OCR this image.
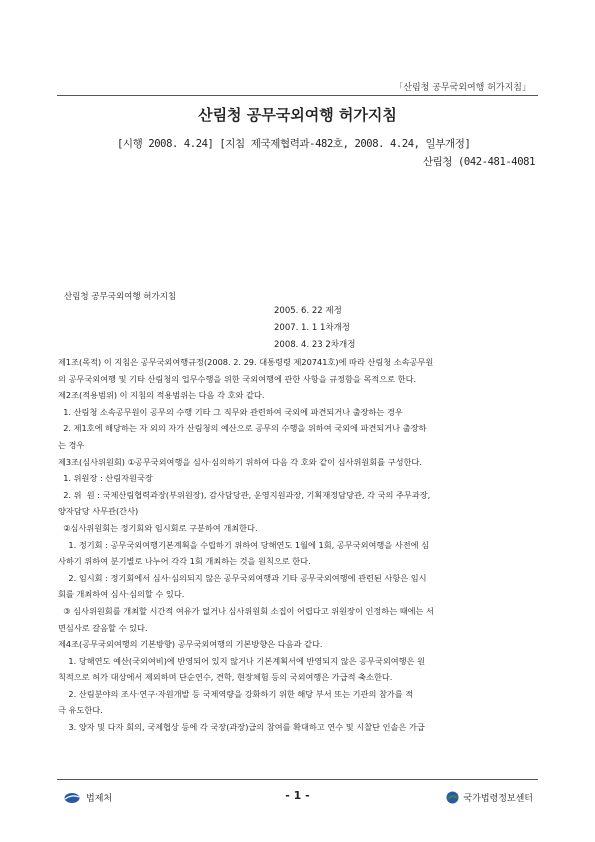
「산림청 공무국외여행 허가지침」
산림청 공무국외여행 허가지침
[시행 2008. 4.24] [지침 제국제협력과-482호, 2008. 4.24, 일부개정]
산림청 (042-481-4081
산림청 공무국외여행 허가지침
2005. 6. 22 제정
2007. 1. 1 1차개정
2008. 4. 23 2차개정

제1조(목적) 이 지침은 공무국외여행규정(2008. 2. 29. 대통령령 제20741호)에 따라 산림청 소속공무원

의 공무국외여행 및 기타 산림청의 업무수행을 위한 국외여행에 관한 사항을 규정함을 목적으로 한다.

제2조(적용범위) 이 지침의 적용범위는 다음 각 호와 같다.

1. 산림청 소속공무원이 공무의 수행 기타 그 직무와 관련하여 국외에 파견되거나 출장하는 경우

2. 제1호에 해당하는 자 외의 자가 산림청의 예산으로 공무의 수행을 위하여 국외에 파견되거나 출장하

는 경우

제3조(심사위원회) ①공무국외여행을 심사·심의하기 위하여 다음 각 호와 같이 심사위원회를 구성한다.

1. 위원장 : 산림자원국장

2. 위  원 : 국제산림협력과장(부위원장), 감사담당관, 운영지원과장, 기획재정담당관, 각 국의 주무과장,

양자담당 사무관(간사)

②심사위원회는 정기회와 임시회로 구분하여 개최한다.

1. 정기회 : 공무국외여행기본계획을 수립하기 위하여 당해연도 1월에 1회, 공무국외여행을 사전에 심

사하기 위하여 분기별로 나누어 각각 1회 개최하는 것을 원칙으로 한다.

2. 임시회 : 정기회에서 심사·심의되지 않은 공무국외여행과 기타 공무국외여행에 관련된 사항은 임시

회를 개최하여 심사·심의할 수 있다.

③ 심사위원회를 개최할 시간적 여유가 없거나 심사위원회 소집이 어렵다고 위원장이 인정하는 때에는 서

면심사로 갈음할 수 있다.

제4조(공무국외여행의 기본방향) 공무국외여행의 기본방향은 다음과 같다.

1. 당해연도 예산(국외여비)에 반영되어 있지 않거나 기본계획서에 반영되지 않은 공무국외여행은 원

칙적으로 허가 대상에서 제외하며 단순연수, 견학, 현장체험 등의 국외여행은 가급적 축소한다.

2. 산림분야의 조사·연구·자원개발 등 국제역량을 강화하기 위한 해당 부서 또는 기관의 참가를 적

극 유도한다.

3. 양자 및 다자 회의, 국제협상 등에 각 국장(과장)급의 참여를 확대하고 연수 및 시찰단 인솔은 가급

법제처	- 1 -	국가법령정보센터
